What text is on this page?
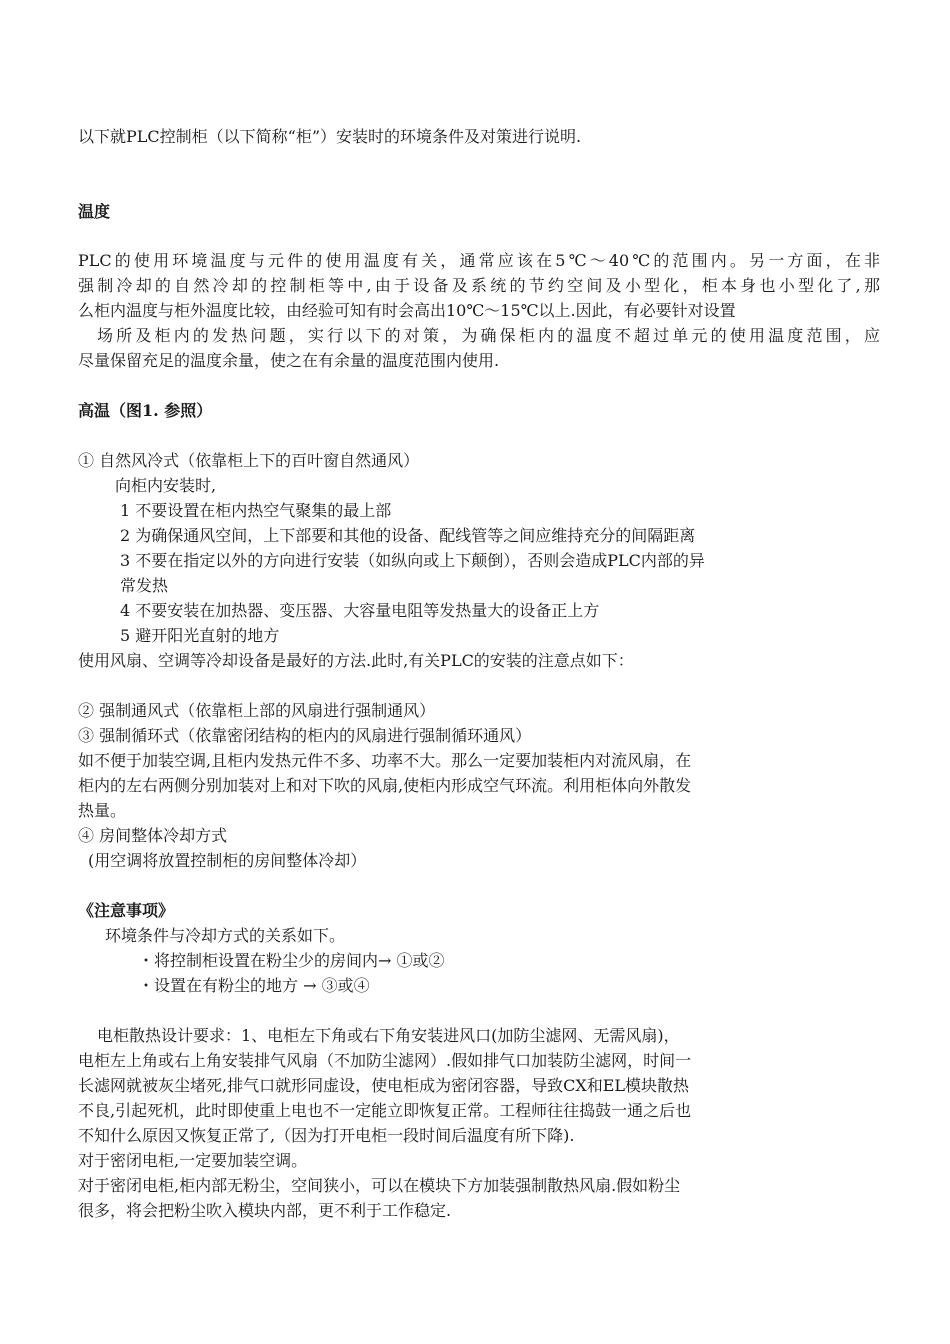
以下就PLC控制柜（以下简称“柜”）安装时的环境条件及对策进行说明.
温度
PLC的使用环境温度与元件的使用温度有关，通常应该在5℃～40℃的范围内。另一方面，在非
强制冷却的自然冷却的控制柜等中,由于设备及系统的节约空间及小型化，柜本身也小型化了,那
么柜内温度与柜外温度比较，由经验可知有时会高出10℃～15℃以上.因此，有必要针对设置
场所及柜内的发热问题，实行以下的对策，为确保柜内的温度不超过单元的使用温度范围，应
尽量保留充足的温度余量，使之在有余量的温度范围内使用.
高温（图1. 参照）
① 自然风冷式（依靠柜上下的百叶窗自然通风）
向柜内安装时,
1 不要设置在柜内热空气聚集的最上部
2 为确保通风空间，上下部要和其他的设备、配线管等之间应维持充分的间隔距离
3 不要在指定以外的方向进行安装（如纵向或上下颠倒），否则会造成PLC内部的异
常发热
4 不要安装在加热器、变压器、大容量电阻等发热量大的设备正上方
5 避开阳光直射的地方
使用风扇、空调等冷却设备是最好的方法.此时,有关PLC的安装的注意点如下：
② 强制通风式（依靠柜上部的风扇进行强制通风）
③ 强制循环式（依靠密闭结构的柜内的风扇进行强制循环通风）
如不便于加装空调,且柜内发热元件不多、功率不大。那么一定要加装柜内对流风扇，在
柜内的左右两侧分别加装对上和对下吹的风扇,使柜内形成空气环流。利用柜体向外散发
热量。
④ 房间整体冷却方式
(用空调将放置控制柜的房间整体冷却）
《注意事项》
环境条件与冷却方式的关系如下。
・将控制柜设置在粉尘少的房间内→ ①或②
・设置在有粉尘的地方 → ③或④
电柜散热设计要求：1、电柜左下角或右下角安装进风口(加防尘滤网、无需风扇)，
电柜左上角或右上角安装排气风扇（不加防尘滤网）.假如排气口加装防尘滤网，时间一
长滤网就被灰尘堵死,排气口就形同虚设，使电柜成为密闭容器，导致CX和EL模块散热
不良,引起死机，此时即使重上电也不一定能立即恢复正常。工程师往往捣鼓一通之后也
不知什么原因又恢复正常了,（因为打开电柜一段时间后温度有所下降).
对于密闭电柜,一定要加装空调。
对于密闭电柜,柜内部无粉尘，空间狭小，可以在模块下方加装强制散热风扇.假如粉尘
很多，将会把粉尘吹入模块内部，更不利于工作稳定.
